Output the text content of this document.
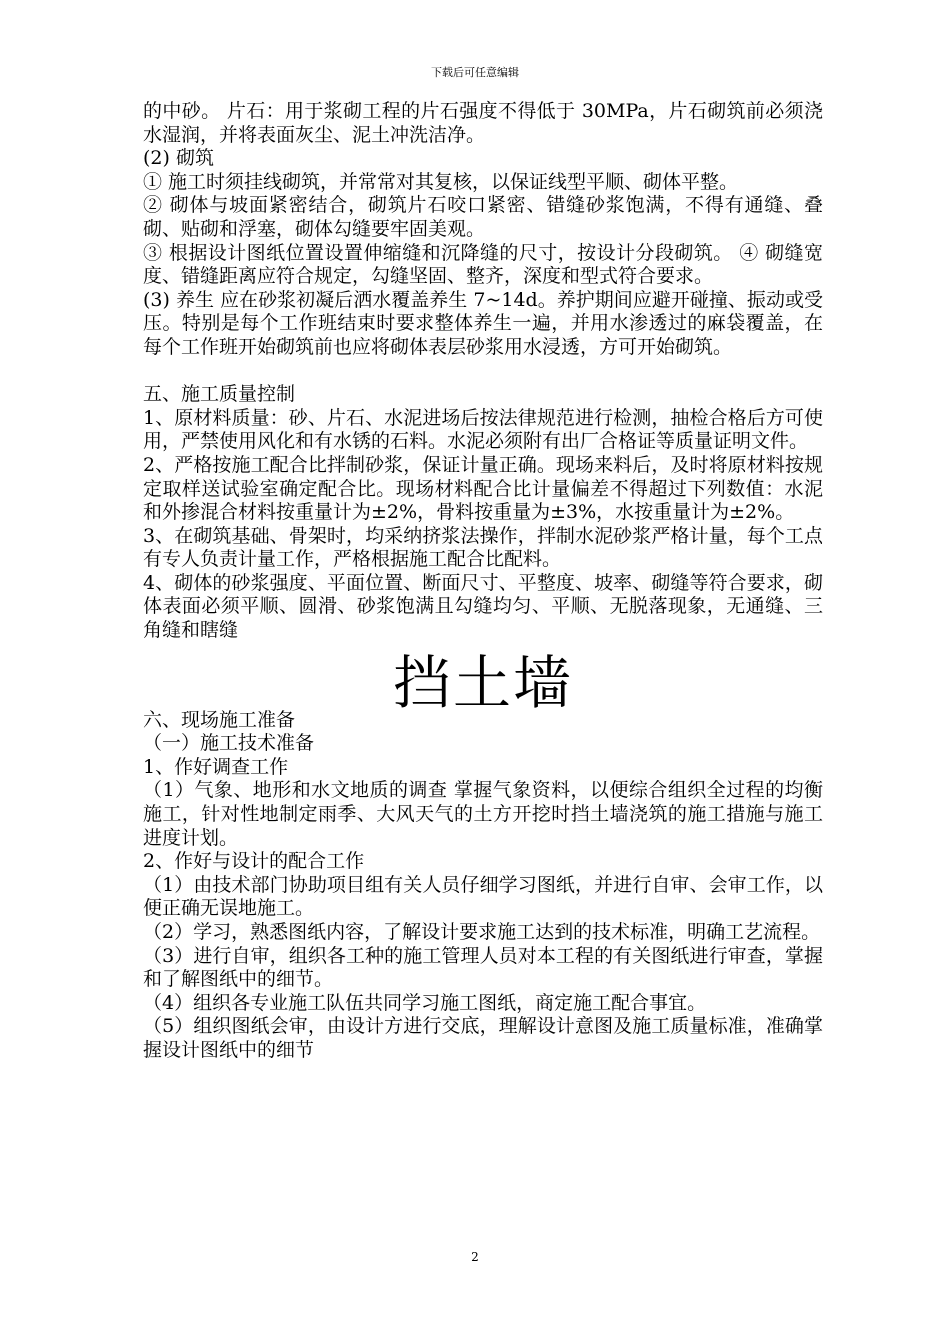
下载后可任意编辑

的中砂。 片石：用于浆砌工程的片石强度不得低于 30MPa，片石砌筑前必须浇水湿润，并将表面灰尘、泥土冲洗洁净。

(2) 砌筑

① 施工时须挂线砌筑，并常常对其复核，以保证线型平顺、砌体平整。

② 砌体与坡面紧密结合，砌筑片石咬口紧密、错缝砂浆饱满，不得有通缝、叠砌、贴砌和浮塞，砌体勾缝要牢固美观。

③ 根据设计图纸位置设置伸缩缝和沉降缝的尺寸，按设计分段砌筑。 ④ 砌缝宽度、错缝距离应符合规定，勾缝坚固、整齐，深度和型式符合要求。

(3) 养生 应在砂浆初凝后洒水覆盖养生 7~14d。养护期间应避开碰撞、振动或受压。特别是每个工作班结束时要求整体养生一遍，并用水渗透过的麻袋覆盖，在每个工作班开始砌筑前也应将砌体表层砂浆用水浸透，方可开始砌筑。

五、施工质量控制

1、原材料质量：砂、片石、水泥进场后按法律规范进行检测，抽检合格后方可使用，严禁使用风化和有水锈的石料。水泥必须附有出厂合格证等质量证明文件。

2、严格按施工配合比拌制砂浆，保证计量正确。现场来料后，及时将原材料按规定取样送试验室确定配合比。现场材料配合比计量偏差不得超过下列数值：水泥和外掺混合材料按重量计为±2%，骨料按重量为±3%，水按重量计为±2%。

3、在砌筑基础、骨架时，均采纳挤浆法操作，拌制水泥砂浆严格计量，每个工点有专人负责计量工作，严格根据施工配合比配料。

4、砌体的砂浆强度、平面位置、断面尺寸、平整度、坡率、砌缝等符合要求，砌体表面必须平顺、圆滑、砂浆饱满且勾缝均匀、平顺、无脱落现象，无通缝、三角缝和瞎缝

挡土墙

六、现场施工准备

（一）施工技术准备

1、作好调查工作

（1）气象、地形和水文地质的调查 掌握气象资料，以便综合组织全过程的均衡施工，针对性地制定雨季、大风天气的土方开挖时挡土墙浇筑的施工措施与施工进度计划。

2、作好与设计的配合工作

（1）由技术部门协助项目组有关人员仔细学习图纸，并进行自审、会审工作，以便正确无误地施工。

（2）学习，熟悉图纸内容，了解设计要求施工达到的技术标准，明确工艺流程。

（3）进行自审，组织各工种的施工管理人员对本工程的有关图纸进行审查，掌握和了解图纸中的细节。

（4）组织各专业施工队伍共同学习施工图纸，商定施工配合事宜。

（5）组织图纸会审，由设计方进行交底，理解设计意图及施工质量标准，准确掌握设计图纸中的细节

2
